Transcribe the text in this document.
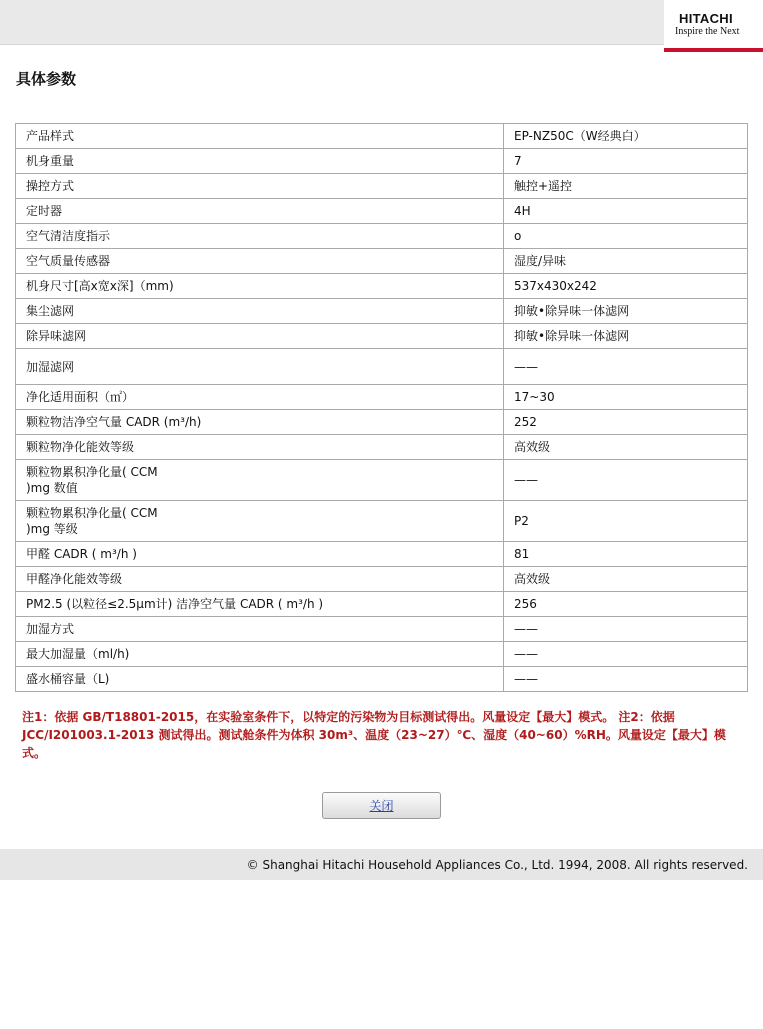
HITACHI
Inspire the Next
具体参数
产品样式	EP-NZ50C（W经典白）
机身重量	7
操控方式	触控+遥控
定时器	4H
空气清洁度指示	o
空气质量传感器	湿度/异味
机身尺寸[高x宽x深]（mm)	537x430x242
集尘滤网	抑敏•除异味一体滤网
除异味滤网	抑敏•除异味一体滤网
加湿滤网	——
净化适用面积（㎡）	17~30
颗粒物洁净空气量 CADR (m³/h)	252
颗粒物净化能效等级	高效级
颗粒物累积净化量( CCM
)mg 数值	——
颗粒物累积净化量( CCM
)mg 等级	P2
甲醛 CADR ( m³/h )	81
甲醛净化能效等级	高效级
PM2.5 (以粒径≤2.5μm计) 洁净空气量 CADR ( m³/h )	256
加湿方式	——
最大加湿量（ml/h)	——
盛水桶容量（L)	——
注1：依据 GB/T18801-2015，在实验室条件下，以特定的污染物为目标测试得出。风量设定【最大】模式。 注2：依据 JCC/I201003.1-2013 测试得出。测试舱条件为体积 30m³、温度（23~27）℃、湿度（40~60）%RH。风量设定【最大】模式。
关闭
© Shanghai Hitachi Household Appliances Co., Ltd. 1994, 2008. All rights reserved.
